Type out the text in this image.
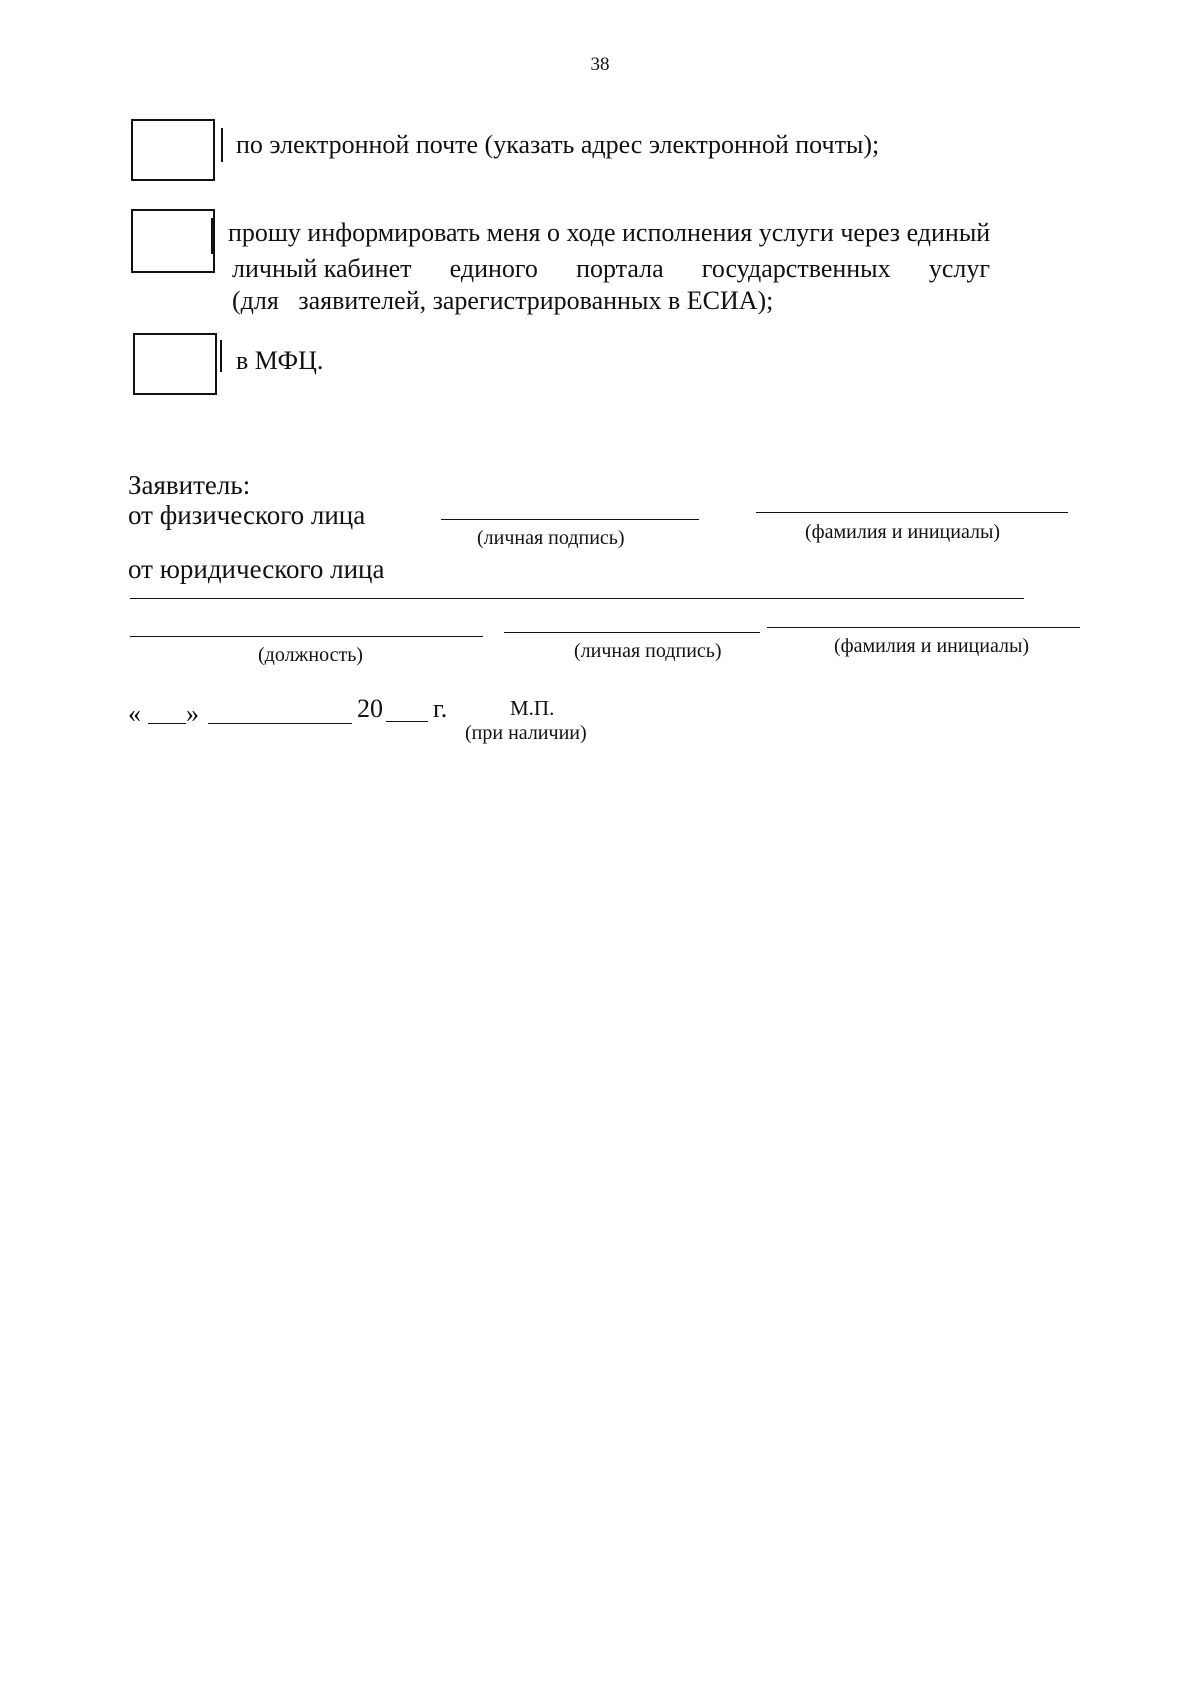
38
по электронной почте (указать адрес электронной почты);
прошу информировать меня о ходе исполнения услуги через единый
личный кабинет единого портала государственных услуг
(для   заявителей, зарегистрированных в ЕСИА);
в МФЦ.
Заявитель:
от физического лица
(личная подпись)	(фамилия и инициалы)
от юридического лица
(должность)	(личная подпись)	(фамилия и инициалы)
« »	20 г.	М.П.
(при наличии)
